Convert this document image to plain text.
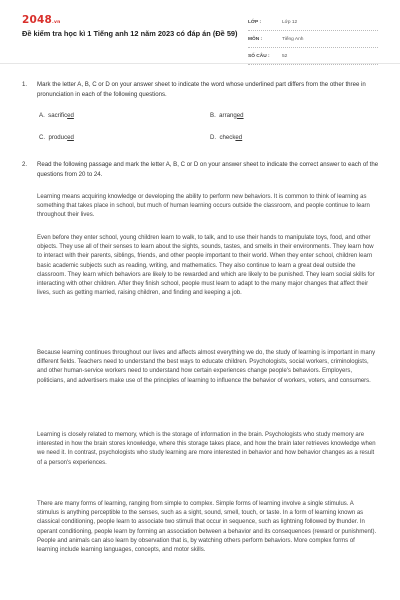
2048.vn
Đề kiểm tra học kì 1 Tiếng anh 12 năm 2023 có đáp án (Đề 59)
LỚP :	Lớp 12
MÔN :	Tiếng Anh
SỐ CÂU :	52
1. Mark the letter A, B, C or D on your answer sheet to indicate the word whose underlined part differs from the other three in pronunciation in each of the following questions.
A. sacrificed	B. arranged
C. produced	D. checked
2. Read the following passage and mark the letter A, B, C or D on your answer sheet to indicate the correct answer to each of the questions from 20 to 24.

Learning means acquiring knowledge or developing the ability to perform new behaviors. It is common to think of learning as something that takes place in school, but much of human learning occurs outside the classroom, and people continue to learn throughout their lives.

Even before they enter school, young children learn to walk, to talk, and to use their hands to manipulate toys, food, and other objects. They use all of their senses to learn about the sights, sounds, tastes, and smells in their environments. They learn how to interact with their parents, siblings, friends, and other people important to their world. When they enter school, children learn basic academic subjects such as reading, writing, and mathematics. They also continue to learn a great deal outside the classroom. They learn which behaviors are likely to be rewarded and which are likely to be punished. They learn social skills for interacting with other children. After they finish school, people must learn to adapt to the many major changes that affect their lives, such as getting married, raising children, and finding and keeping a job.

Because learning continues throughout our lives and affects almost everything we do, the study of learning is important in many different fields. Teachers need to understand the best ways to educate children. Psychologists, social workers, criminologists, and other human-service workers need to understand how certain experiences change people's behaviors. Employers, politicians, and advertisers make use of the principles of learning to influence the behavior of workers, voters, and consumers.

Learning is closely related to memory, which is the storage of information in the brain. Psychologists who study memory are interested in how the brain stores knowledge, where this storage takes place, and how the brain later retrieves knowledge when we need it. In contrast, psychologists who study learning are more interested in behavior and how behavior changes as a result of a person's experiences.

There are many forms of learning, ranging from simple to complex. Simple forms of learning involve a single stimulus. A stimulus is anything perceptible to the senses, such as a sight, sound, smell, touch, or taste. In a form of learning known as classical conditioning, people learn to associate two stimuli that occur in sequence, such as lightning followed by thunder. In operant conditioning, people learn by forming an association between a behavior and its consequences (reward or punishment). People and animals can also learn by observation that is, by watching others perform behaviors. More complex forms of learning include learning languages, concepts, and motor skills.
